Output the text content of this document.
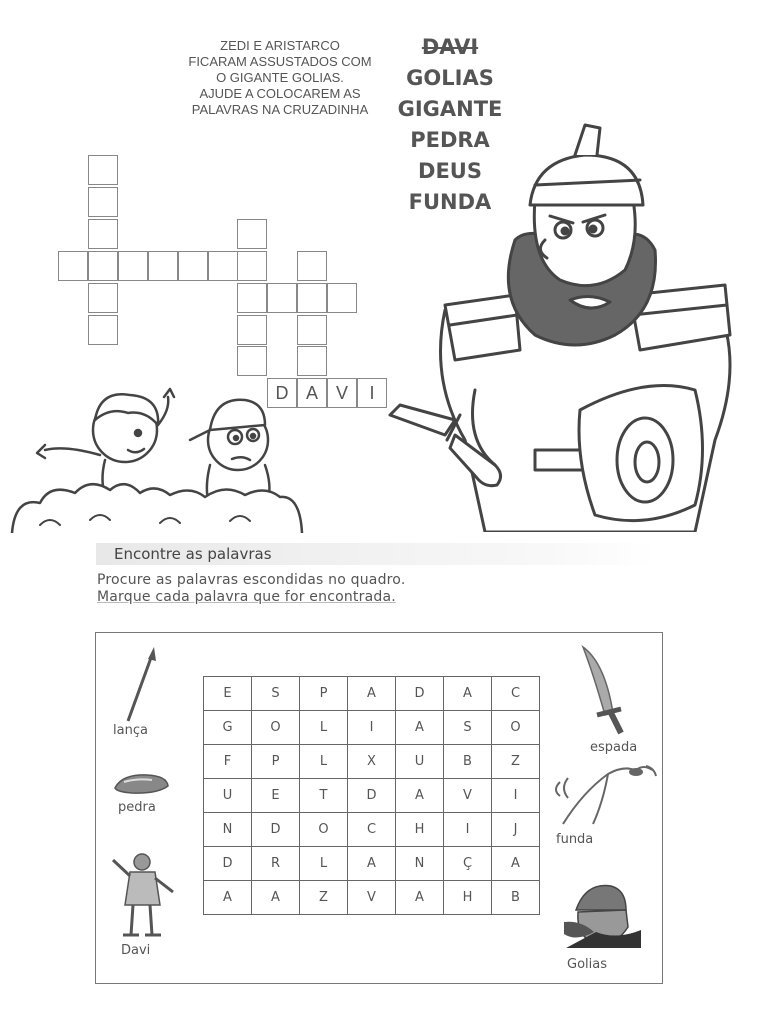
ZEDI E ARISTARCO
FICARAM ASSUSTADOS COM
O GIGANTE GOLIAS.
AJUDE A COLOCAREM AS
PALAVRAS NA CRUZADINHA
DAVI
GOLIAS
GIGANTE
PEDRA
DEUS
FUNDA
D A V	I
Encontre as palavras
Procure as palavras escondidas no quadro.
Marque cada palavra que for encontrada.
E	S	P	A	D	A	C
G	O	L	I	A	S	O
F	P	L	X	U	B	Z
U	E	T	D	A	V	I
N	D	O	C	H	I	J
D	R	L	A	N	Ç	A
A	A	Z	V	A	H	B
lança
pedra
Davi
espada
funda
Golias
